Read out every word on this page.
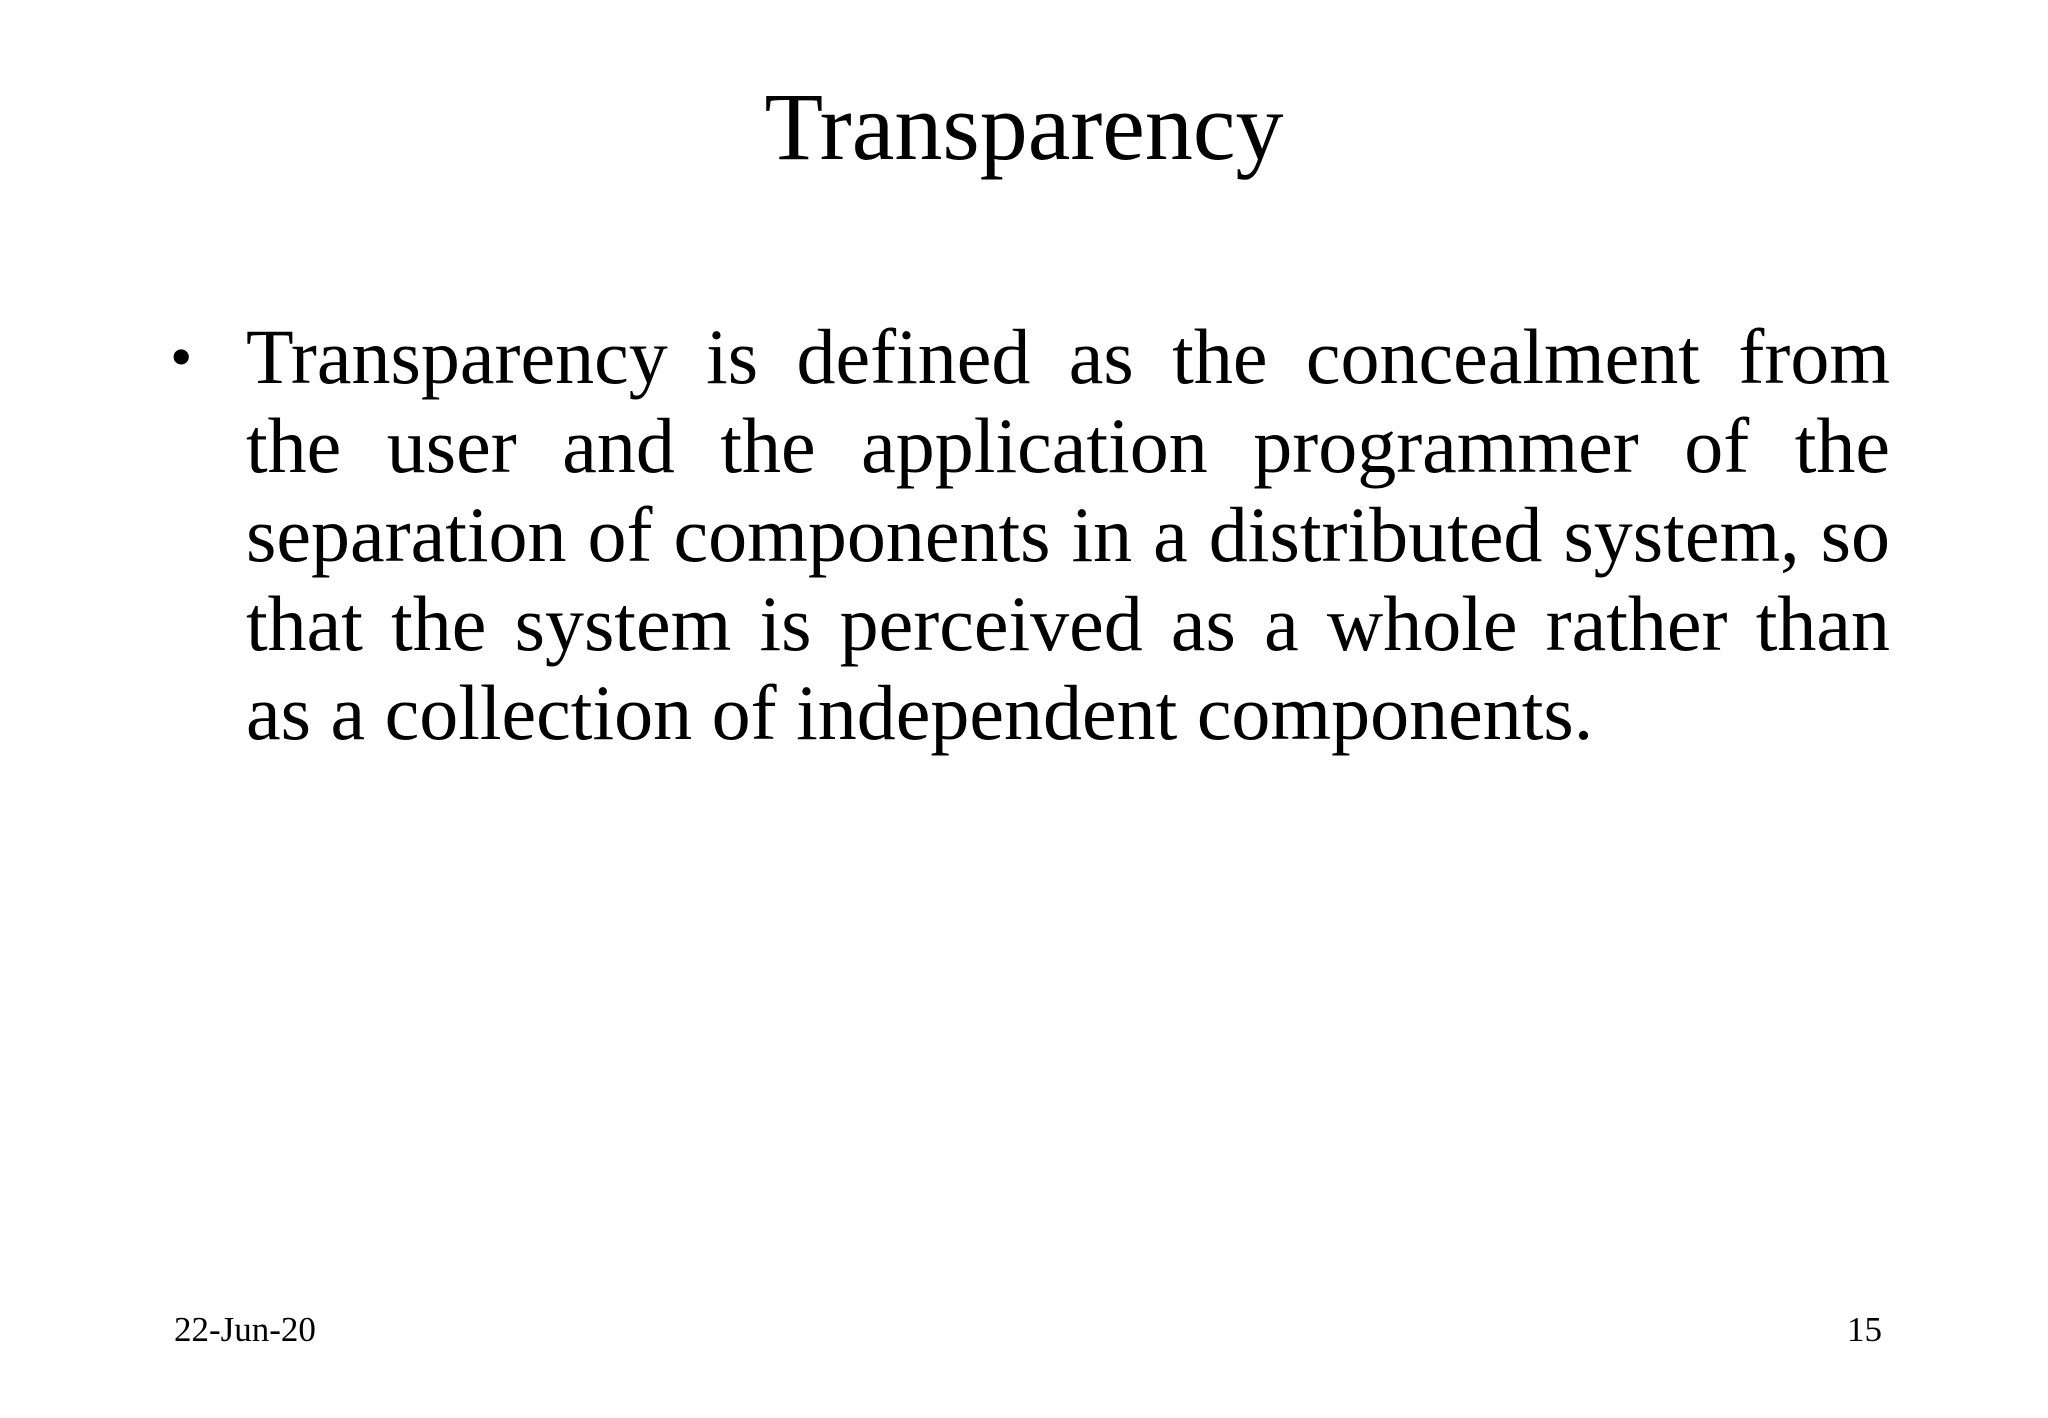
Transparency
• Transparency is defined as the concealment from the user and the application programmer of the separation of components in a distributed system, so that the system is perceived as a whole rather than as a collection of independent components.
22-Jun-20	15
